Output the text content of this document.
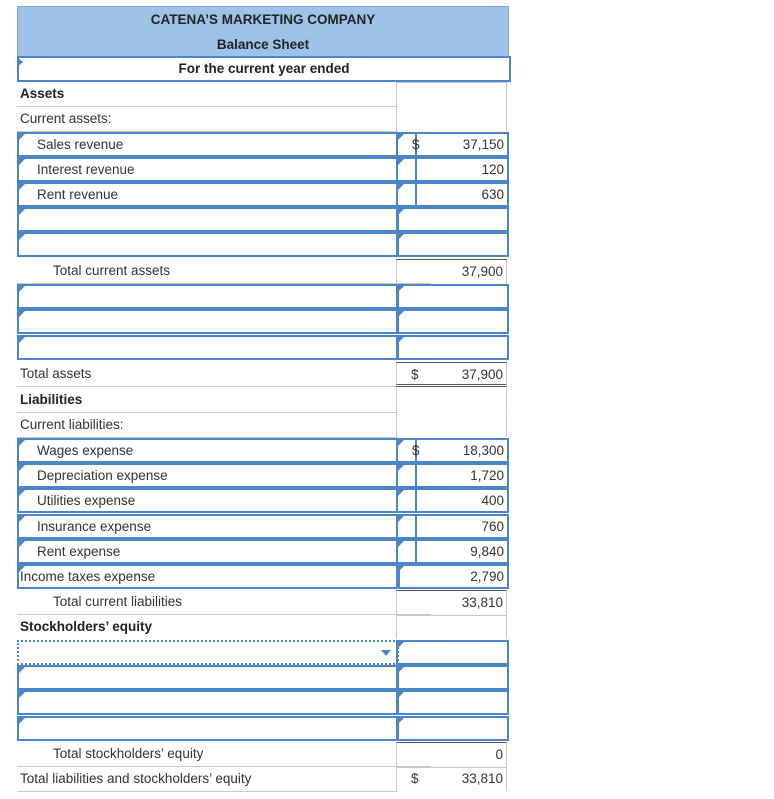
CATENA’S MARKETING COMPANY
Balance Sheet
For the current year ended
Assets
Current assets:
Sales revenue	$	37,150
Interest revenue	120
Rent revenue	630
Total current assets	37,900
Total assets	$	37,900
Liabilities
Current liabilities:
Wages expense	$	18,300
Depreciation expense	1,720
Utilities expense	400
Insurance expense	760
Rent expense	9,840
Income taxes expense	2,790
Total current liabilities	33,810
Stockholders’ equity
Total stockholders’ equity	0
Total liabilities and stockholders’ equity	$	33,810
